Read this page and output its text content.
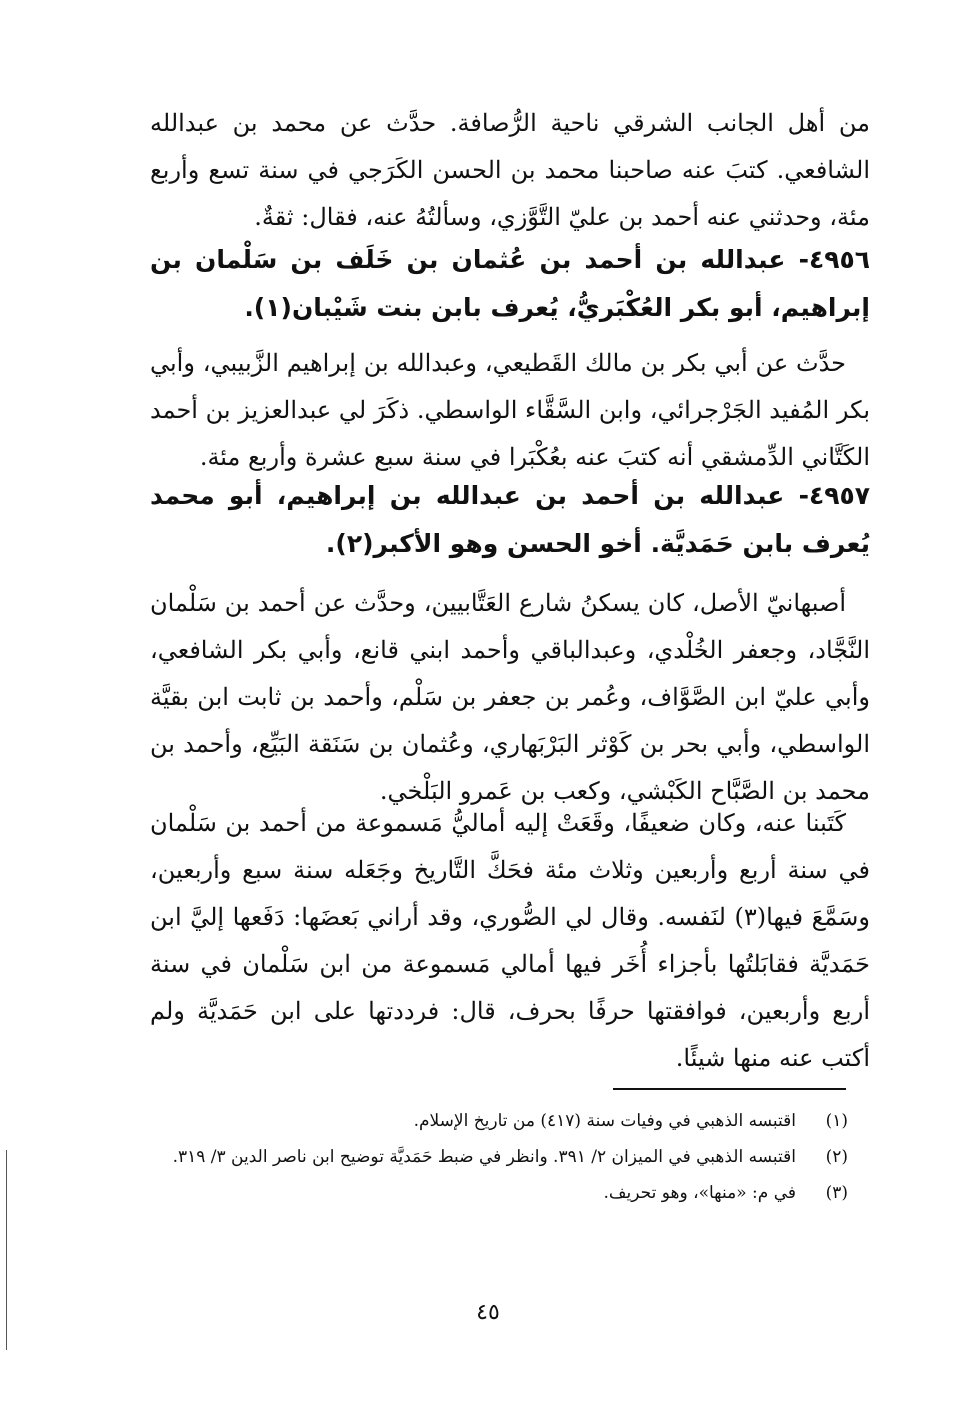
من أهل الجانب الشرقي ناحية الرُّصافة. حدَّث عن محمد بن عبدالله الشافعي. كتبَ عنه صاحبنا محمد بن الحسن الكَرَجي في سنة تسع وأربع مئة، وحدثني عنه أحمد بن عليّ التَّوَّزي، وسألتُهُ عنه، فقال: ثقةٌ.

٤٩٥٦- عبدالله بن أحمد بن عُثمان بن خَلَف بن سَلْمان بن إبراهيم، أبو بكر العُكْبَريُّ، يُعرف بابن بنت شَيْبان(١).

حدَّث عن أبي بكر بن مالك القَطيعي، وعبدالله بن إبراهيم الزَّبيبي، وأبي بكر المُفيد الجَرْجرائي، وابن السَّقَّاء الواسطي. ذكَرَ لي عبدالعزيز بن أحمد الكَتَّاني الدِّمشقي أنه كتبَ عنه بعُكْبَرا في سنة سبع عشرة وأربع مئة.

٤٩٥٧- عبدالله بن أحمد بن عبدالله بن إبراهيم، أبو محمد يُعرف بابن حَمَديَّة. أخو الحسن وهو الأكبر(٢).

أصبهانيّ الأصل، كان يسكنُ شارع العَتَّابيين، وحدَّث عن أحمد بن سَلْمان النَّجَّاد، وجعفر الخُلْدي، وعبدالباقي وأحمد ابني قانع، وأبي بكر الشافعي، وأبي عليّ ابن الصَّوَّاف، وعُمر بن جعفر بن سَلْم، وأحمد بن ثابت ابن بقيَّة الواسطي، وأبي بحر بن كَوْثر البَرْبَهاري، وعُثمان بن سَنَقة البَيِّع، وأحمد بن محمد بن الصَّبَّاح الكَبْشي، وكعب بن عَمرو البَلْخي.

كَتَبنا عنه، وكان ضعيفًا، وقَعَتْ إليه أماليُّ مَسموعة من أحمد بن سَلْمان في سنة أربع وأربعين وثلاث مئة فحَكَّ التَّاريخ وجَعَله سنة سبع وأربعين، وسَمَّعَ فيها(٣) لنَفسه. وقال لي الصُّوري، وقد أراني بَعضَها: دَفَعها إليَّ ابن حَمَديَّة فقابَلتُها بأجزاء أُخَر فيها أمالي مَسموعة من ابن سَلْمان في سنة أربع وأربعين، فوافقتها حرفًا بحرف، قال: فرددتها على ابن حَمَديَّة ولم أكتب عنه منها شيئًا.

(١)
اقتبسه الذهبي في وفيات سنة (٤١٧) من تاريخ الإسلام.
(٢)
اقتبسه الذهبي في الميزان ٢/ ٣٩١. وانظر في ضبط حَمَديَّة توضيح ابن ناصر الدين ٣/ ٣١٩.
(٣)
في م: «منها»، وهو تحريف.
٤٥
